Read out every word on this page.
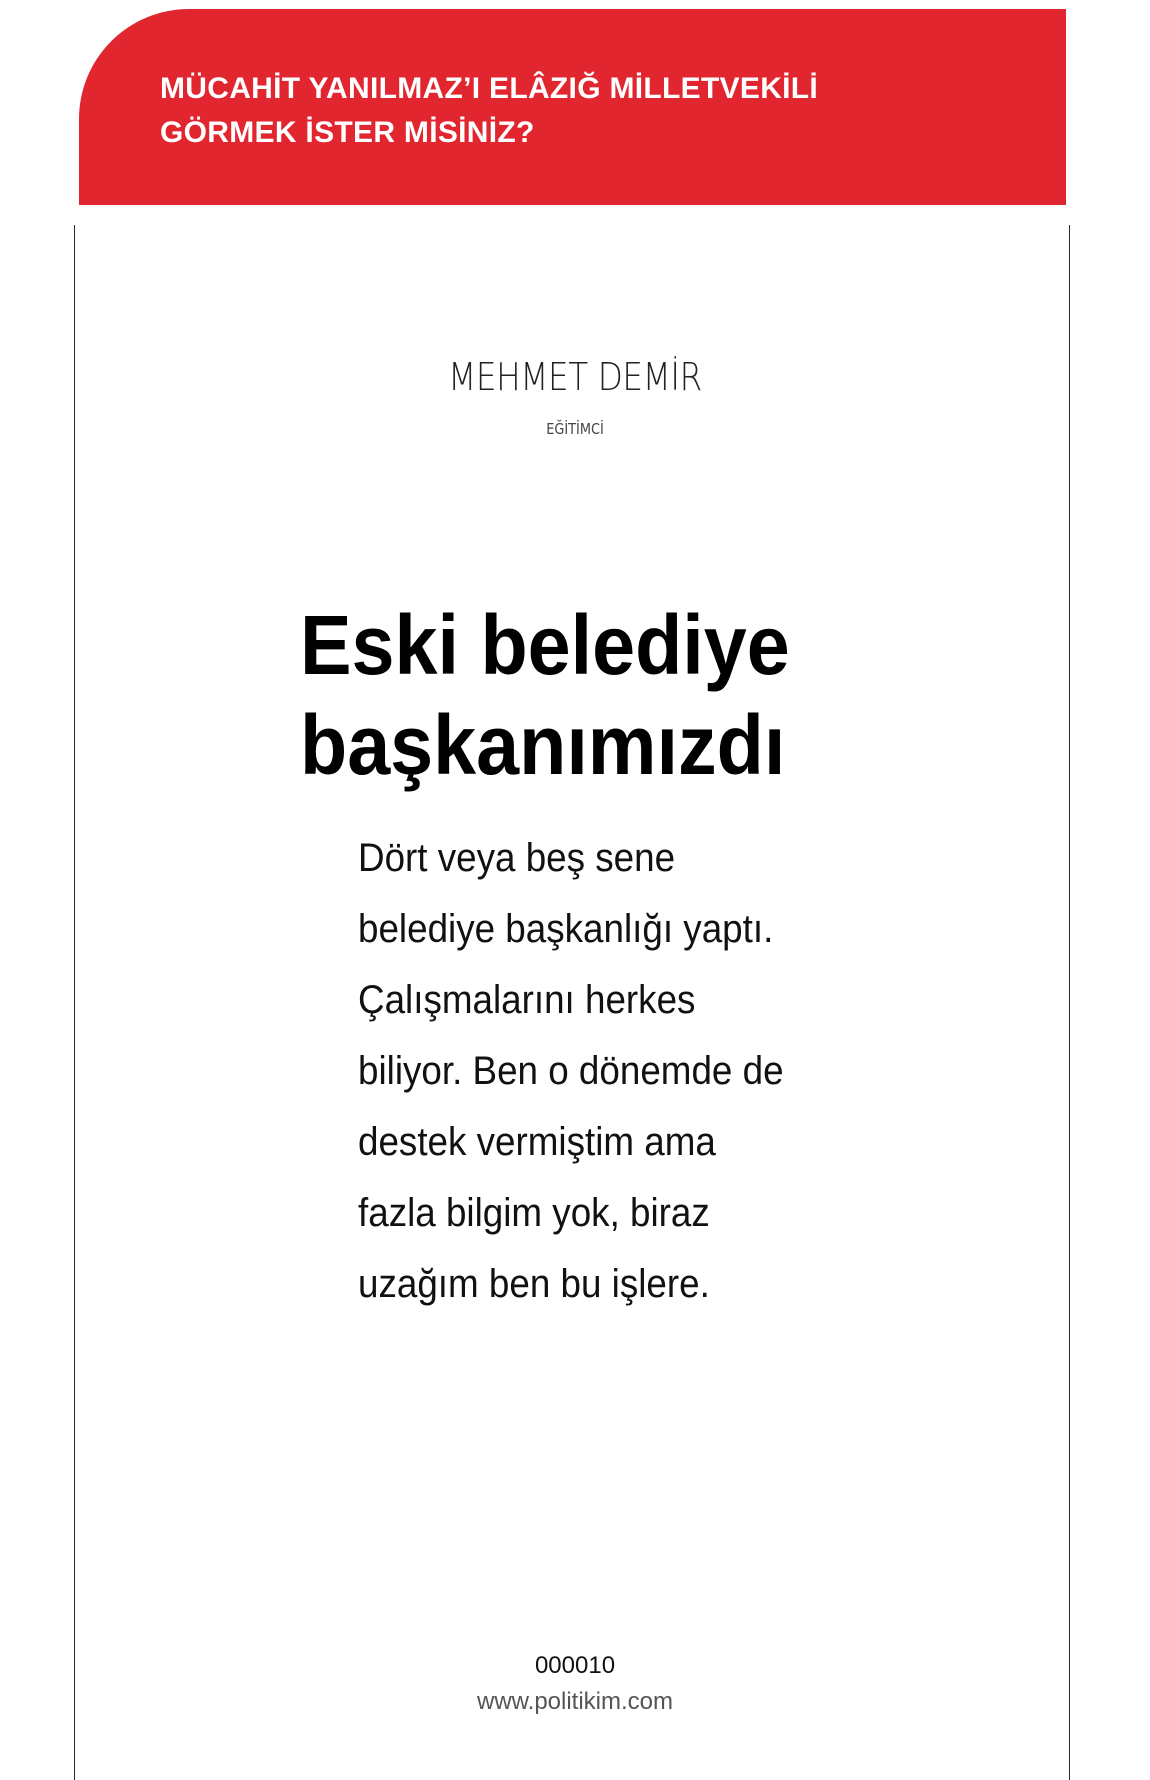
MÜCAHİT YANILMAZ’I ELÂZIĞ MİLLETVEKİLİ
GÖRMEK İSTER MİSİNİZ?
MEHMET DEMİR
EĞİTİMCİ
Eski belediye
başkanımızdı

Dört veya beş sene belediye başkanlığı yaptı. Çalışmalarını herkes biliyor. Ben o dönemde de destek vermiştim ama fazla bilgim yok, biraz uzağım ben bu işlere.

000010
www.politikim.com
